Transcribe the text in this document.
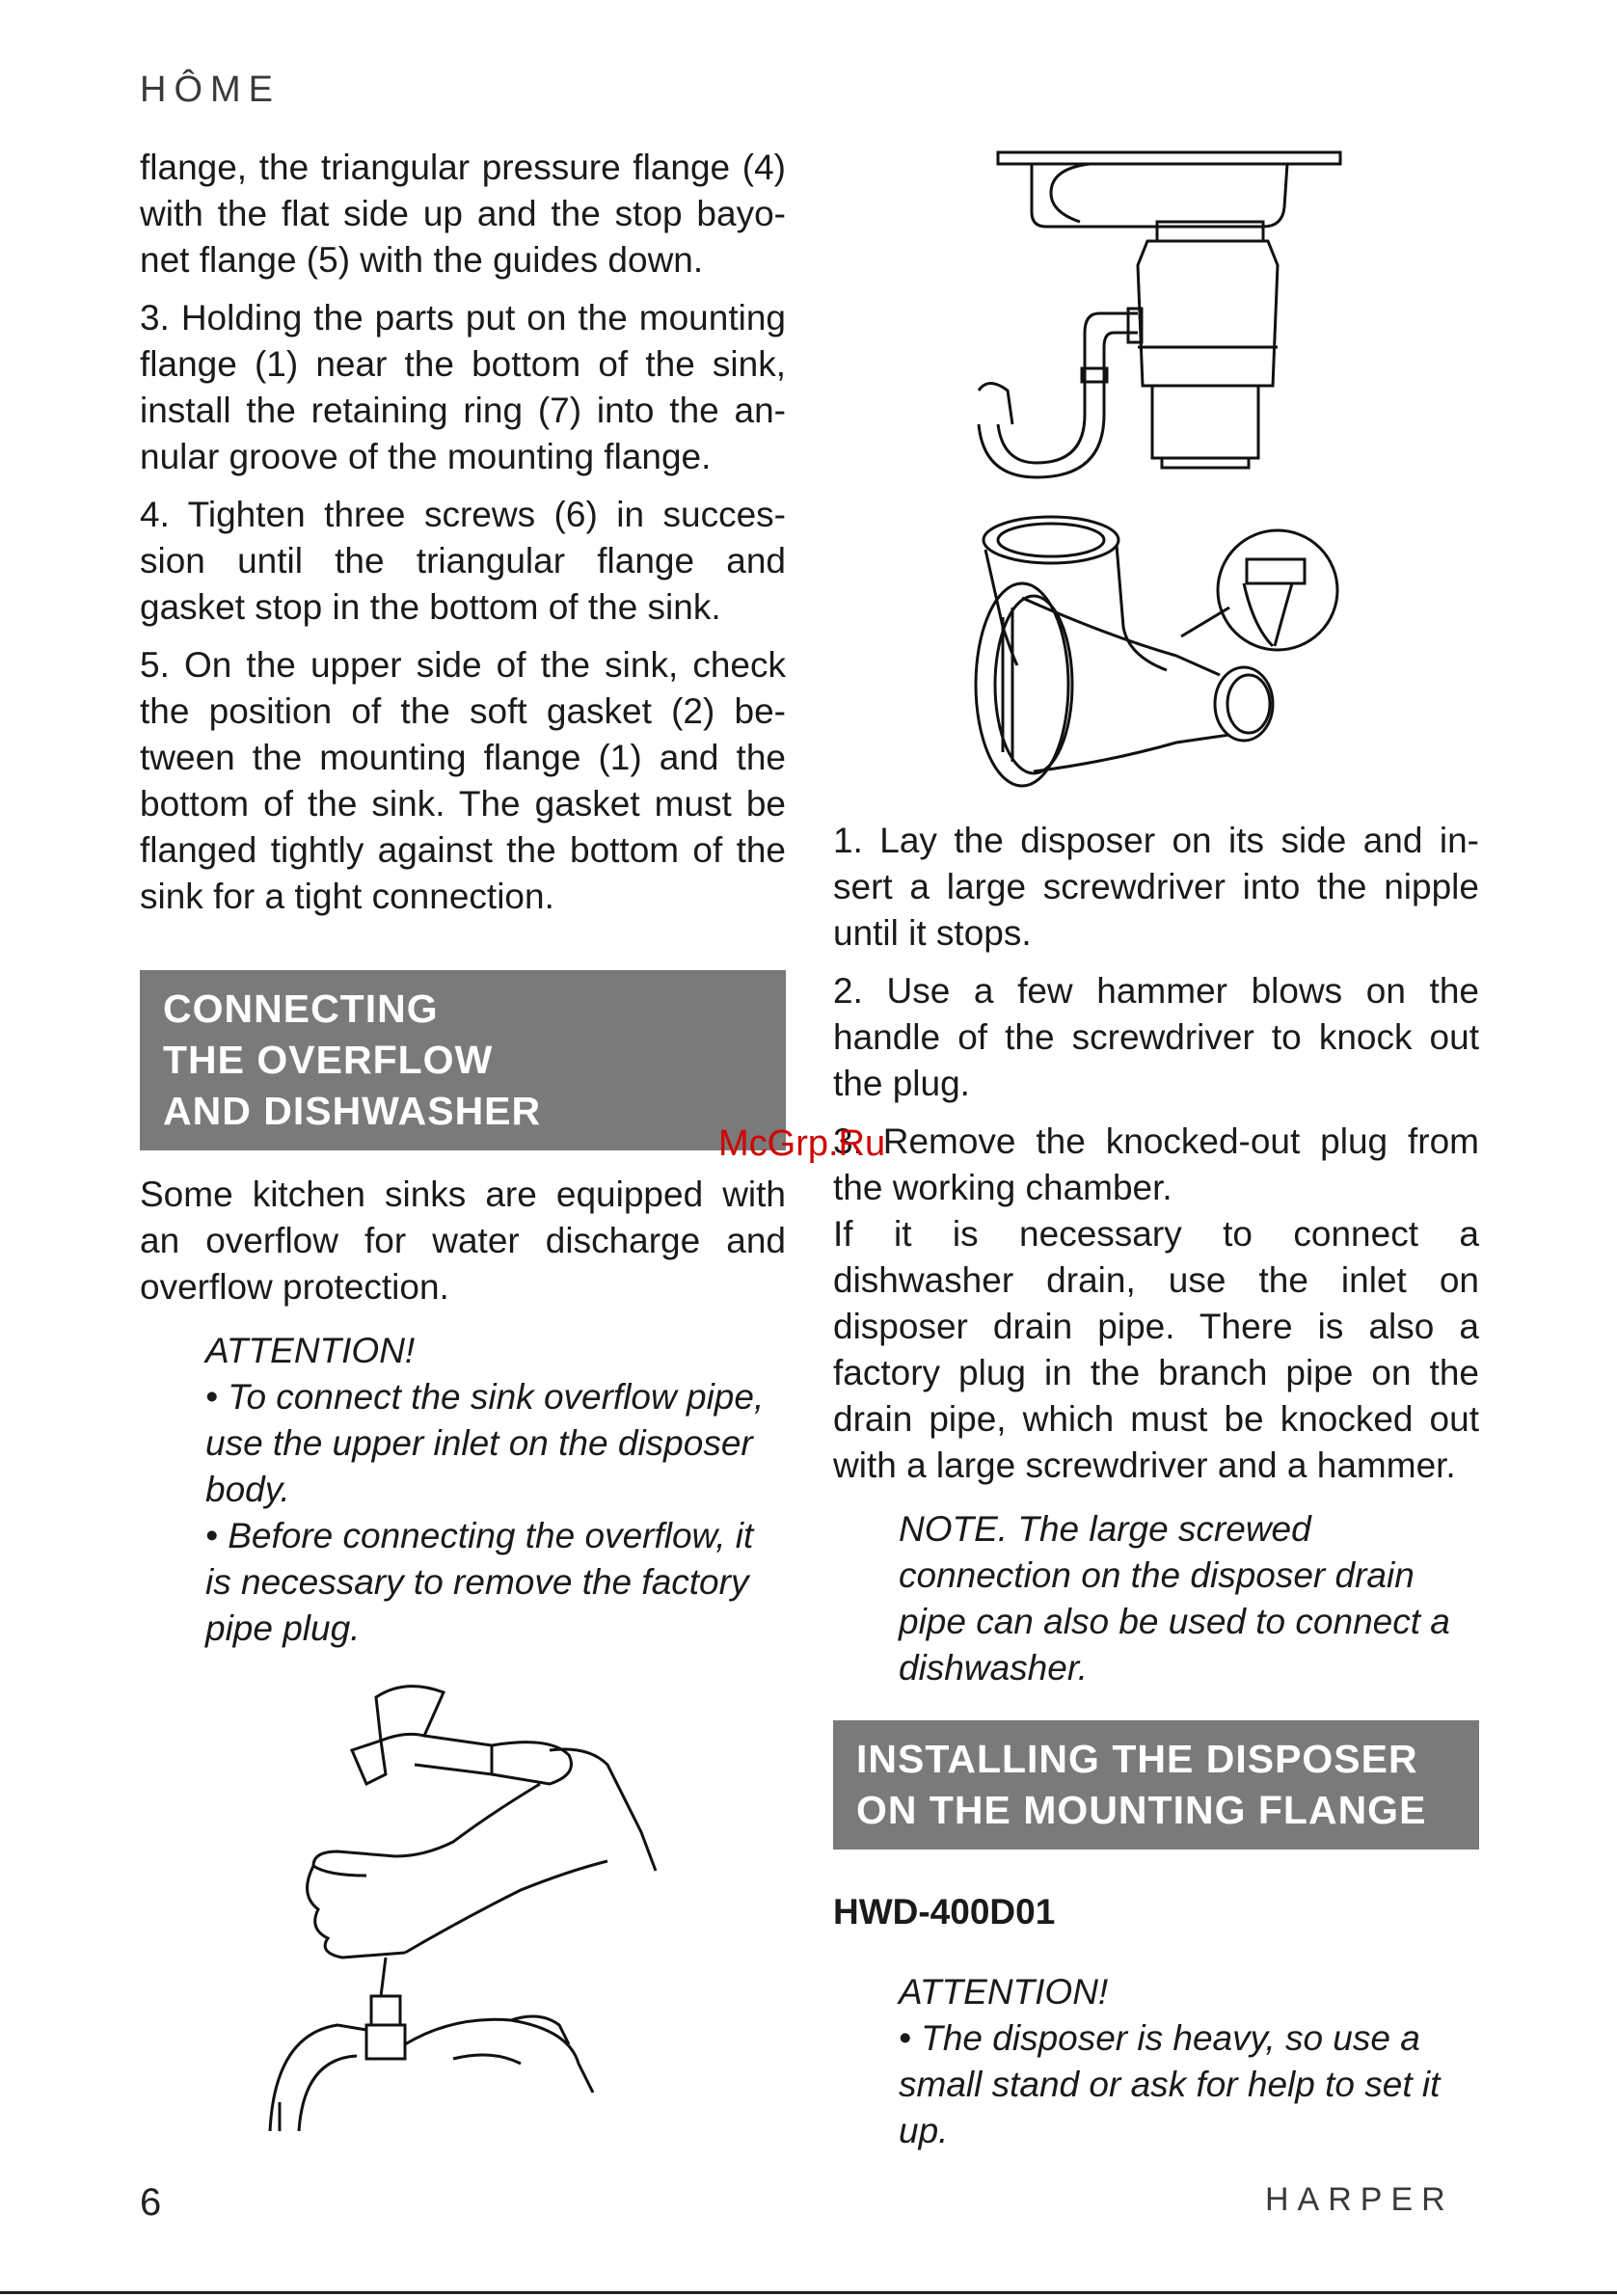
HÔME

flange, the triangular pressure flange (4) with the flat side up and the stop bayo-net flange (5) with the guides down.

3. Holding the parts put on the mounting flange (1) near the bottom of the sink, install the retaining ring (7) into the an-nular groove of the mounting flange.

4. Tighten three screws (6) in succes-sion until the triangular flange and gasket stop in the bottom of the sink.

5. On the upper side of the sink, check the position of the soft gasket (2) be-tween the mounting flange (1) and the bottom of the sink. The gasket must be flanged tightly against the bottom of the sink for a tight connection.

CONNECTING
THE OVERFLOW
AND DISHWASHER

Some kitchen sinks are equipped with an overflow for water discharge and overflow protection.

ATTENTION!
• To connect the sink overflow pipe, use the upper inlet on the disposer body.
• Before connecting the overflow, it is necessary to remove the factory pipe plug.

1. Lay the disposer on its side and in-sert a large screwdriver into the nipple until it stops.

2. Use a few hammer blows on the handle of the screwdriver to knock out the plug.

3. Remove the knocked-out plug from the working chamber.

If it is necessary to connect a dishwasher drain, use the inlet on disposer drain pipe. There is also a factory plug in the branch pipe on the drain pipe, which must be knocked out with a large screwdriver and a hammer.

NOTE. The large screwed connection on the disposer drain pipe can also be used to connect a dishwasher.
INSTALLING THE DISPOSER
ON THE MOUNTING FLANGE
HWD-400D01
ATTENTION!
• The disposer is heavy, so use a small stand or ask for help to set it up.
McGrp.Ru
6	HARPER
